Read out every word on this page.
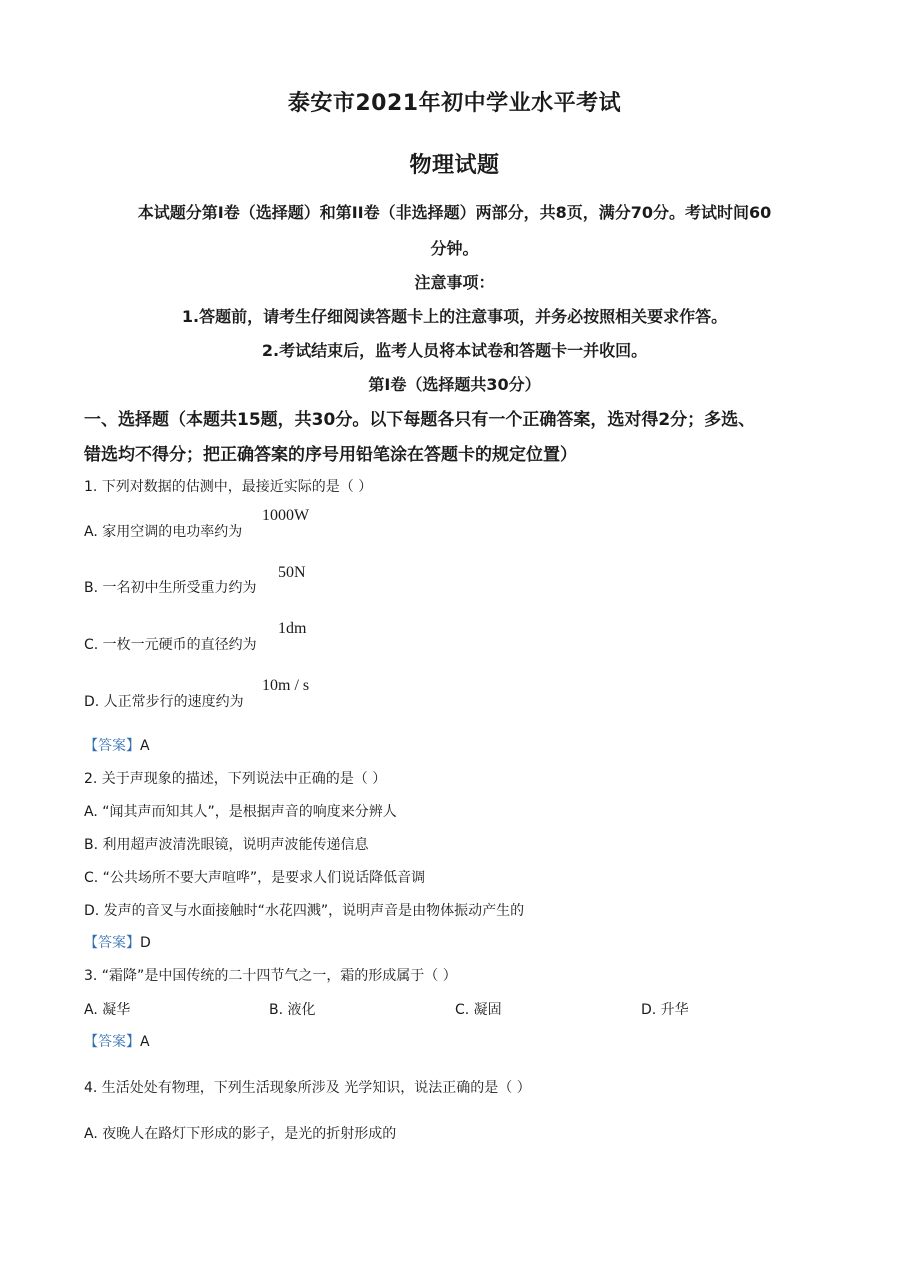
泰安市2021年初中学业水平考试
物理试题
本试题分第I卷（选择题）和第II卷（非选择题）两部分，共8页，满分70分。考试时间60
分钟。
注意事项：
1.答题前，请考生仔细阅读答题卡上的注意事项，并务必按照相关要求作答。
2.考试结束后，监考人员将本试卷和答题卡一并收回。
第I卷（选择题共30分）
一、选择题（本题共15题，共30分。以下每题各只有一个正确答案，选对得2分；多选、
错选均不得分；把正确答案的序号用铅笔涂在答题卡的规定位置）
1. 下列对数据的估测中，最接近实际的是（ ）
A. 家用空调的电功率约为
1000W
B. 一名初中生所受重力约为
50N
C. 一枚一元硬币的直径约为
1dm
D. 人正常步行的速度约为
10m / s
【答案】A
2. 关于声现象的描述，下列说法中正确的是（ ）
A. “闻其声而知其人”，是根据声音的响度来分辨人
B. 利用超声波清洗眼镜，说明声波能传递信息
C. “公共场所不要大声喧哗”，是要求人们说话降低音调
D. 发声的音叉与水面接触时“水花四溅”，说明声音是由物体振动产生的
【答案】D
3. “霜降”是中国传统的二十四节气之一，霜的形成属于（ ）
A. 凝华	B. 液化	C. 凝固	D. 升华
【答案】A
4. 生活处处有物理，下列生活现象所涉及 光学知识，说法正确的是（ ）
A. 夜晚人在路灯下形成的影子，是光的折射形成的
